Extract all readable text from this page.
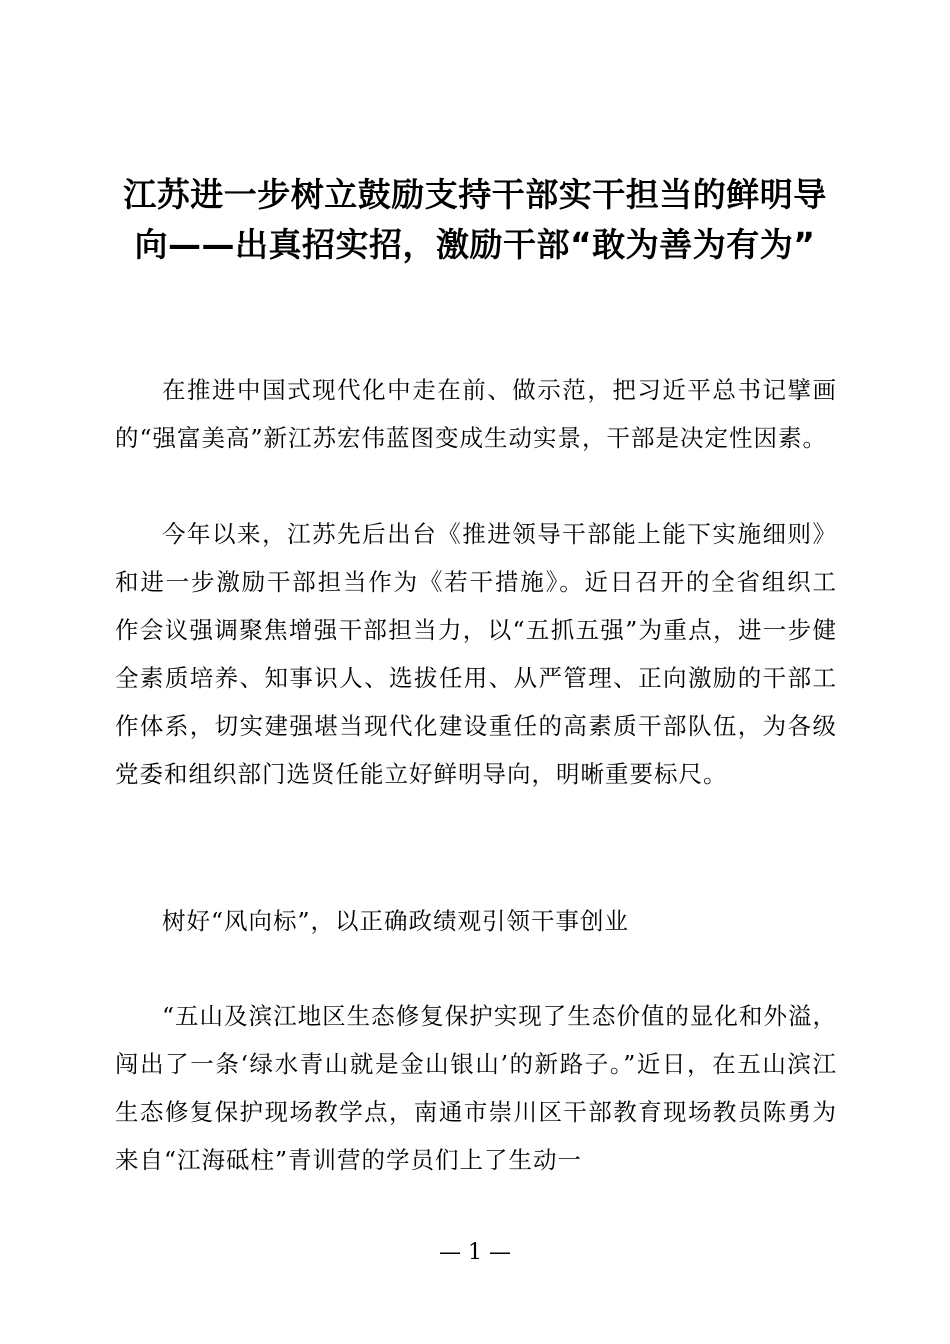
江苏进一步树立鼓励支持干部实干担当的鲜明导向——出真招实招，激励干部“敢为善为有为”

在推进中国式现代化中走在前、做示范，把习近平总书记擘画的“强富美高”新江苏宏伟蓝图变成生动实景，干部是决定性因素。

今年以来，江苏先后出台《推进领导干部能上能下实施细则》和进一步激励干部担当作为《若干措施》。近日召开的全省组织工作会议强调聚焦增强干部担当力，以“五抓五强”为重点，进一步健全素质培养、知事识人、选拔任用、从严管理、正向激励的干部工作体系，切实建强堪当现代化建设重任的高素质干部队伍，为各级党委和组织部门选贤任能立好鲜明导向，明晰重要标尺。

树好“风向标”，以正确政绩观引领干事创业

“五山及滨江地区生态修复保护实现了生态价值的显化和外溢，闯出了一条‘绿水青山就是金山银山’的新路子。”近日，在五山滨江生态修复保护现场教学点，南通市崇川区干部教育现场教员陈勇为来自“江海砥柱”青训营的学员们上了生动一

— 1 —
